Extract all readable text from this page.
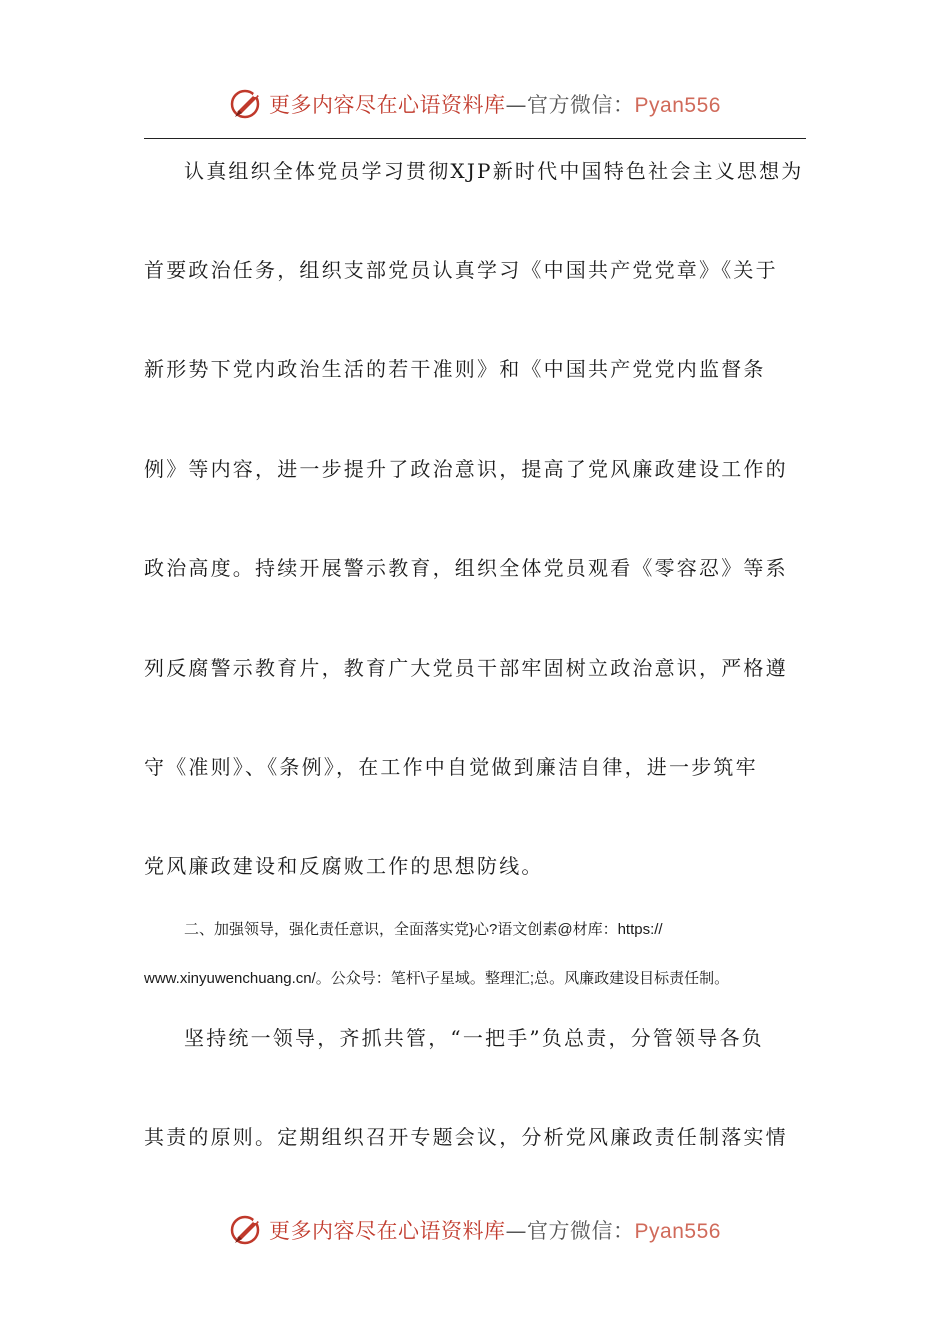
更多内容尽在心语资料库—官方微信：Pyan556
认真组织全体党员学习贯彻XJP新时代中国特色社会主义思想为
首要政治任务，组织支部党员认真学习《中国共产党党章》《关于
新形势下党内政治生活的若干准则》和《中国共产党党内监督条
例》等内容，进一步提升了政治意识，提高了党风廉政建设工作的
政治高度。持续开展警示教育，组织全体党员观看《零容忍》等系
列反腐警示教育片，教育广大党员干部牢固树立政治意识，严格遵
守《准则》、《条例》，在工作中自觉做到廉洁自律，进一步筑牢
党风廉政建设和反腐败工作的思想防线。
二、加强领导，强化责任意识，全面落实党}心?语文创素@材库：https://
www.xinyuwenchuang.cn/。公众号：笔杆\子星域。整理汇;总。风廉政建设目标责任制。
坚持统一领导，齐抓共管，“一把手”负总责，分管领导各负
其责的原则。定期组织召开专题会议，分析党风廉政责任制落实情
更多内容尽在心语资料库—官方微信：Pyan556
